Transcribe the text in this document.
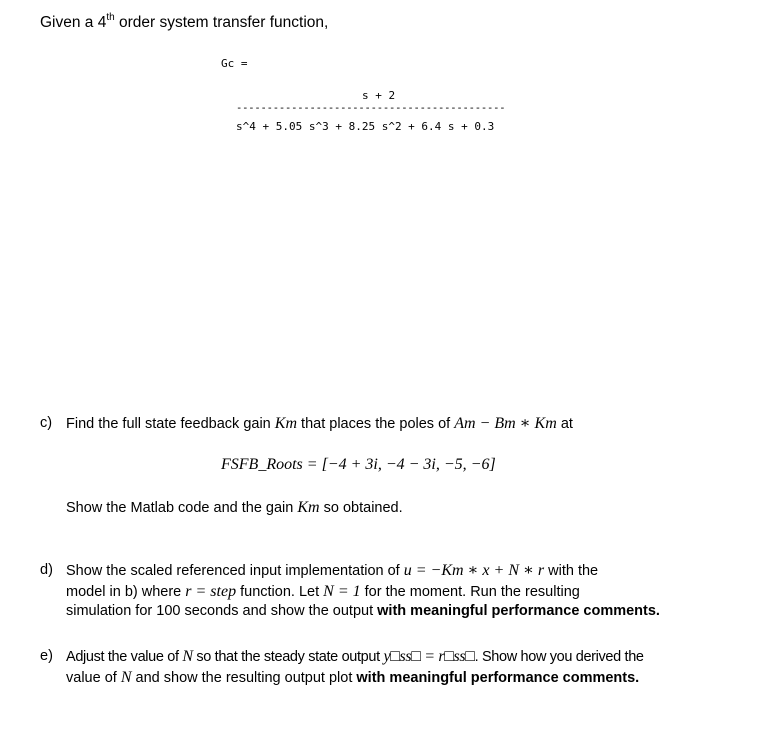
Given a 4th order system transfer function,
Gc =
s + 2
--------------------------------------------
s^4 + 5.05 s^3 + 8.25 s^2 + 6.4 s + 0.3
c) Find the full state feedback gain Km that places the poles of Am − Bm ∗ Km at
FSFB_Roots = [−4 + 3i, −4 − 3i, −5, −6]
Show the Matlab code and the gain Km so obtained.
d) Show the scaled referenced input implementation of u = −Km ∗ x + N ∗ r with the
model in b) where r = step function. Let N = 1 for the moment. Run the resulting
simulation for 100 seconds and show the output with meaningful performance comments.
e) Adjust the value of N so that the steady state output y□ss□ = r□ss□. Show how you derived the
value of N and show the resulting output plot with meaningful performance comments.
